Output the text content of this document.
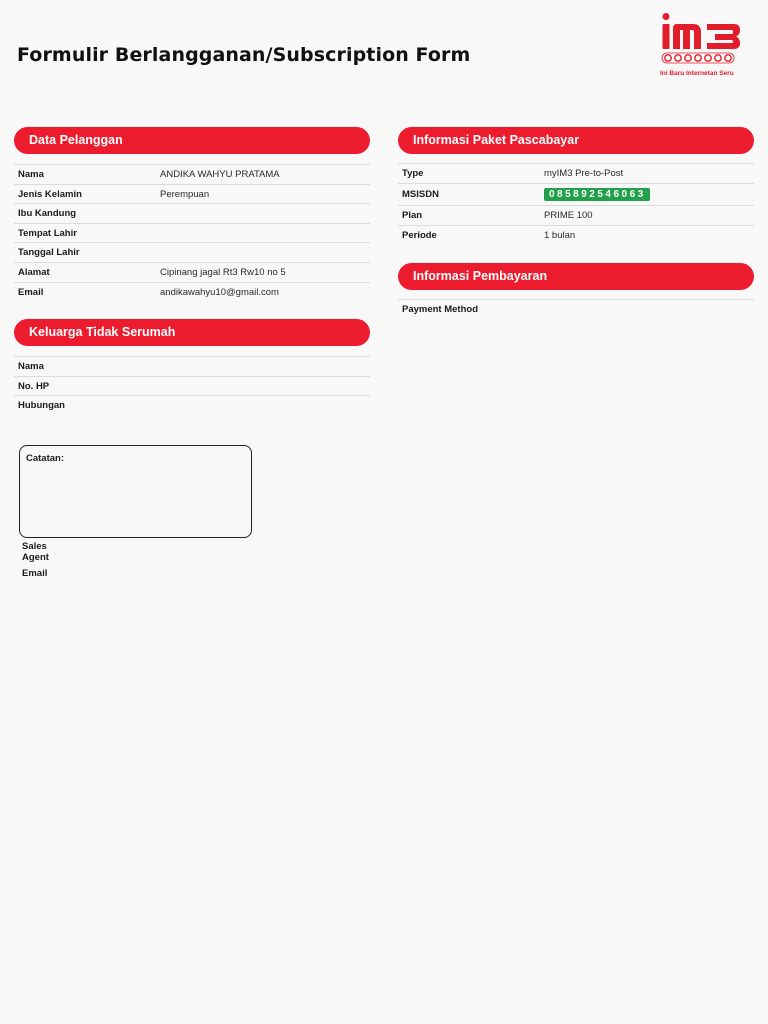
Formulir Berlangganan/Subscription Form
Ini Baru Internetan Seru
Data Pelanggan
Nama	ANDIKA WAHYU PRATAMA
Jenis Kelamin	Perempuan
Ibu Kandung
Tempat Lahir
Tanggal Lahir
Alamat	Cipinang jagal Rt3 Rw10 no 5
Email	andikawahyu10@gmail.com
Keluarga Tidak Serumah
Nama
No. HP
Hubungan
Informasi Paket Pascabayar
Type	myIM3 Pre-to-Post
MSISDN	085892546063
Plan	PRIME 100
Periode	1 bulan
Informasi Pembayaran
Payment Method
Catatan:
Sales
Agent
Email
